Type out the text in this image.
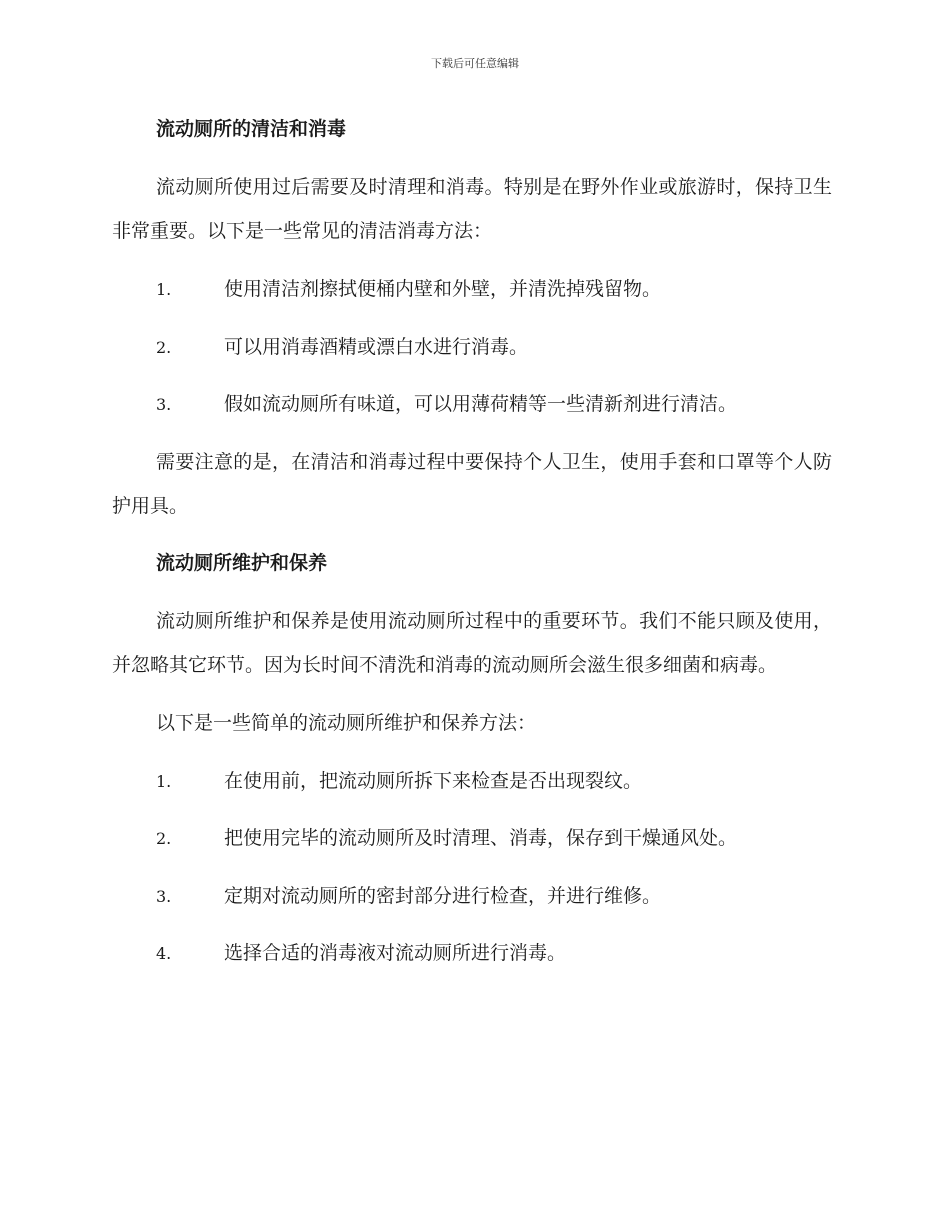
下载后可任意编辑
流动厕所的清洁和消毒

流动厕所使用过后需要及时清理和消毒。特别是在野外作业或旅游时，保持卫生非常重要。以下是一些常见的清洁消毒方法：

1.	使用清洁剂擦拭便桶内壁和外壁，并清洗掉残留物。
2.	可以用消毒酒精或漂白水进行消毒。
3.	假如流动厕所有味道，可以用薄荷精等一些清新剂进行清洁。

需要注意的是，在清洁和消毒过程中要保持个人卫生，使用手套和口罩等个人防护用具。

流动厕所维护和保养

流动厕所维护和保养是使用流动厕所过程中的重要环节。我们不能只顾及使用，并忽略其它环节。因为长时间不清洗和消毒的流动厕所会滋生很多细菌和病毒。

以下是一些简单的流动厕所维护和保养方法：

1.	在使用前，把流动厕所拆下来检查是否出现裂纹。
2.	把使用完毕的流动厕所及时清理、消毒，保存到干燥通风处。
3.	定期对流动厕所的密封部分进行检查，并进行维修。
4.	选择合适的消毒液对流动厕所进行消毒。
